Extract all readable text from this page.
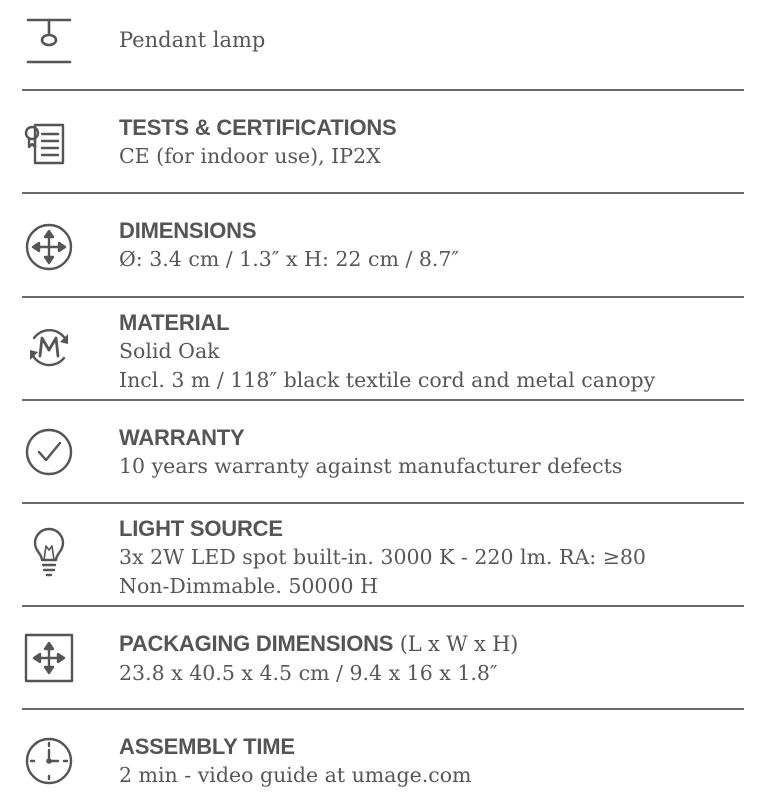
Pendant lamp
TESTS & CERTIFICATIONS
CE (for indoor use), IP2X
DIMENSIONS
Ø: 3.4 cm / 1.3″ x H: 22 cm / 8.7″
MATERIAL
Solid Oak
Incl. 3 m / 118″ black textile cord and metal canopy
WARRANTY
10 years warranty against manufacturer defects
LIGHT SOURCE
3x 2W LED spot built-in. 3000 K - 220 lm. RA: ≥80
Non-Dimmable. 50000 H
PACKAGING DIMENSIONS (L x W x H)
23.8 x 40.5 x 4.5 cm / 9.4 x 16 x 1.8″
ASSEMBLY TIME
2 min - video guide at umage.com
